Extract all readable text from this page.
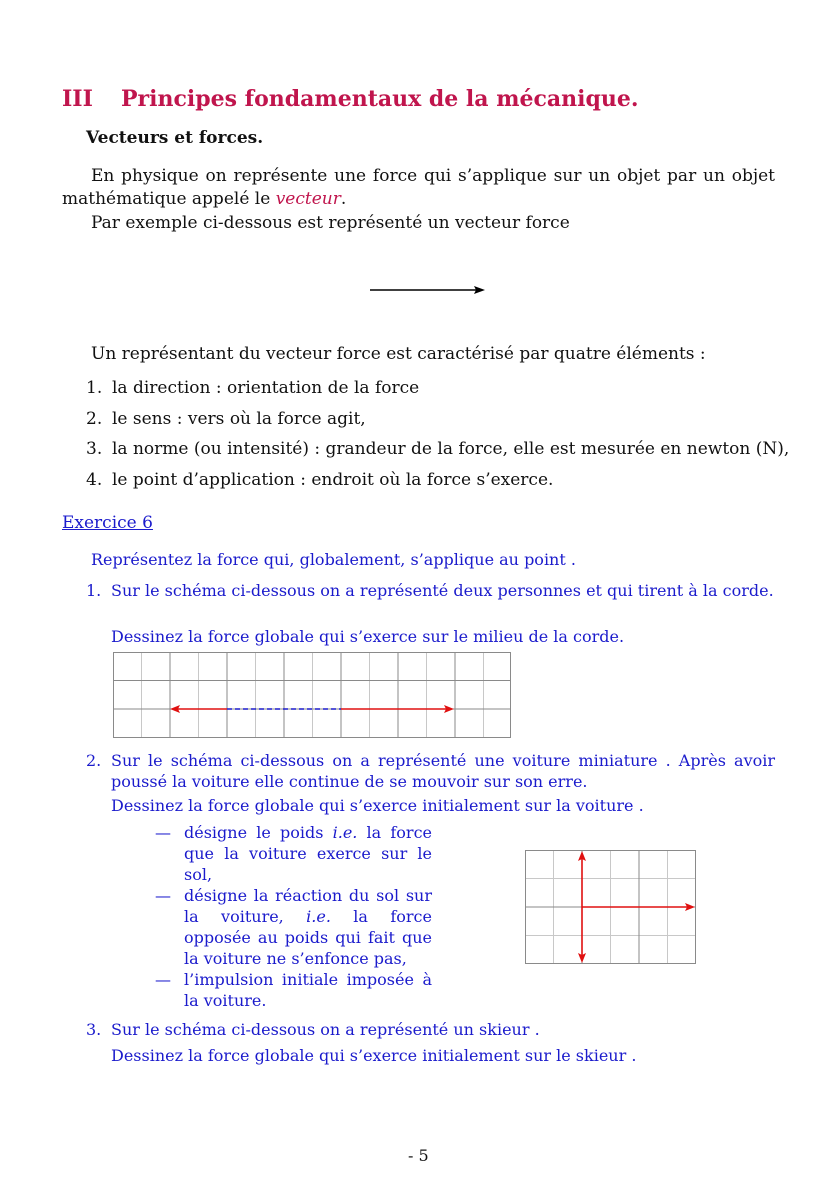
III Principes fondamentaux de la mécanique.
Vecteurs et forces.
En physique on représente une force qui s’applique sur un objet par un objet mathématique appelé le vecteur.
Par exemple ci-dessous est représenté un vecteur force
Un représentant du vecteur force est caractérisé par quatre éléments :
1. la direction : orientation de la force
2. le sens : vers où la force agit,
3. la norme (ou intensité) : grandeur de la force, elle est mesurée en newton (N),
4. le point d’application : endroit où la force s’exerce.
Exercice 6
Représentez la force qui, globalement, s’applique au point .
1. Sur le schéma ci-dessous on a représenté deux personnes et qui tirent à la corde.
Dessinez la force globale qui s’exerce sur le milieu de la corde.
2. Sur le schéma ci-dessous on a représenté une voiture miniature . Après avoir poussé la voiture elle continue de se mouvoir sur son erre.
Dessinez la force globale qui s’exerce initialement sur la voiture .
— désigne le poids i.e. la force que la voiture exerce sur le sol,
— désigne la réaction du sol sur la voiture, i.e. la force opposée au poids qui fait que la voiture ne s’enfonce pas,
— l’impulsion initiale imposée à la voiture.
3. Sur le schéma ci-dessous on a représenté un skieur .
Dessinez la force globale qui s’exerce initialement sur le skieur .
- 5
